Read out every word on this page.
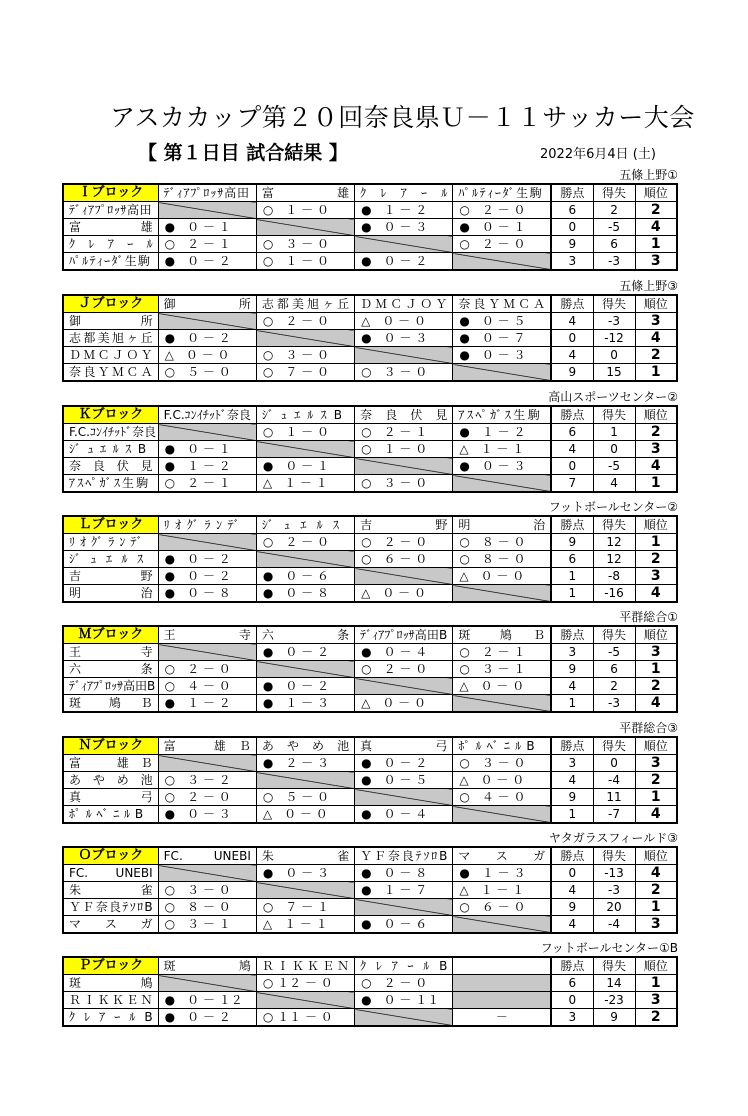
アスカカップ第２０回奈良県Ｕ－１１サッカー大会
【 第１日目 試合結果 】	2022年6月4日 (土)
五條上野①
Ｉブロック	ﾃﾞｨｱﾌﾟﾛｯｻ高田	富　雄	ｸﾚｱｰﾙ	ﾊﾟﾙﾃｨｰﾀﾞ生駒	勝点	得失	順位
ﾃﾞｨｱﾌﾟﾛｯｻ高田		○　１ － ０	●　１ － ２	○　２ － ０	6	2	2
富　雄	●　０ － １		●　０ － ３	●　０ － １	0	-5	4
ｸﾚｱｰﾙ	○　２ － １	○　３ － ０		○　２ － ０	9	6	1
ﾊﾟﾙﾃｨｰﾀﾞ生駒	●　０ － ２	○　１ － ０	●　０ － ２		3	-3	3
五條上野③
Ｊブロック	御　所	志都美旭ヶ丘	ＤＭＣＪＯＹ	奈良ＹＭＣＡ	勝点	得失	順位
御　所		○　２ － ０	△　０ － ０	●　０ － ５	4	-3	3
志都美旭ヶ丘	●　０ － ２		●　０ － ３	●　０ － ７	0	-12	4
ＤＭＣＪＯＹ	△　０ － ０	○　３ － ０		●　０ － ３	4	0	2
奈良ＹＭＣＡ	○　５ － ０	○　７ － ０	○　３ － ０		9	15	1
高山スポーツセンター②
Ｋブロック	F.C.ｺﾝｲﾁｯﾄﾞ奈良	ｼﾞｭｴﾙｽB	奈良伏見	ｱｽﾍﾟｶﾞｽ生駒	勝点	得失	順位
F.C.ｺﾝｲﾁｯﾄﾞ奈良		○　１ － ０	○　２ － １	●　１ － ２	6	1	2
ｼﾞｭｴﾙｽB	●　０ － １		○　１ － ０	△　１ － １	4	0	3
奈良伏見	●　１ － ２	●　０ － １		●　０ － ３	0	-5	4
ｱｽﾍﾟｶﾞｽ生駒	○　２ － １	△　１ － １	○　３ － ０		7	4	1
フットボールセンター②
Ｌブロック	ﾘｵｸﾞﾗﾝﾃﾞ	ｼﾞｭｴﾙｽ	吉　野	明　治	勝点	得失	順位
ﾘｵｸﾞﾗﾝﾃﾞ		○　２ － ０	○　２ － ０	○　８ － ０	9	12	1
ｼﾞｭｴﾙｽ	●　０ － ２		○　６ － ０	○　８ － ０	6	12	2
吉　野	●　０ － ２	●　０ － ６		△　０ － ０	1	-8	3
明　治	●　０ － ８	●　０ － ８	△　０ － ０		1	-16	4
平群総合①
Ｍブロック	王　寺	六　条	ﾃﾞｨｱﾌﾟﾛｯｻ高田B	斑　鳩 Ｂ	勝点	得失	順位
王　寺		●　０ － ２	●　０ － ４	○　２ － １	3	-5	3
六　条	○　２ － ０		○　２ － ０	○　３ － １	9	6	1
ﾃﾞｨｱﾌﾟﾛｯｻ高田B	○　４ － ０	●　０ － ２		△　０ － ０	4	2	2
斑　鳩 Ｂ	●　１ － ２	●　１ － ３	△　０ － ０		1	-3	4
平群総合③
Ｎブロック	富　雄Ｂ	あやめ池	真　弓	ﾎﾟﾙﾍﾞﾆﾙB	勝点	得失	順位
富　雄Ｂ		●　２ － ３	●　０ － ２	○　３ － ０	3	0	3
あやめ池	○　３ － ２		●　０ － ５	△　０ － ０	4	-4	2
真　弓	○　２ － ０	○　５ － ０		○　４ － ０	9	11	1
ﾎﾟﾙﾍﾞﾆﾙB	●　０ － ３	△　０ － ０	●　０ － ４		1	-7	4
ヤタガラスフィールド③
Ｏブロック	FC. UNEBI	朱　雀	ＹＦ奈良ﾃｿﾛB	マスガ	勝点	得失	順位
FC. UNEBI		●　０ － ３	●　０ － ８	●　１ － ３	0	-13	4
朱　雀	○　３ － ０		●　１ － ７	△　１ － １	4	-3	2
ＹＦ奈良ﾃｿﾛB	○　８ － ０	○　７ － １		○　６ － ０	9	20	1
マスガ	○　３ － １	△　１ － １	●　０ － ６		4	-4	3
フットボールセンター①B
Ｐブロック	斑　鳩	ＲＩＫＫＥＮ	ｸﾚｱｰﾙB		勝点	得失	順位
斑　鳩		○ １２ － ０	○　２ － ０		6	14	1
ＲＩＫＫＥＮ	●　０ － １２		●　０ － １１		0	-23	3
ｸﾚｱｰﾙB	●　０ － ２	○ １１ － ０		－	3	9	2
